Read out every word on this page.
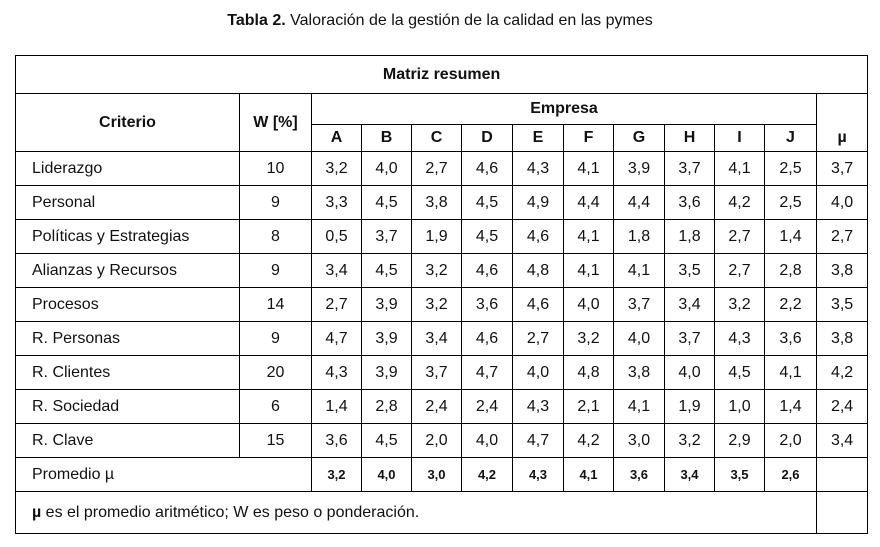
Tabla 2. Valoración de la gestión de la calidad en las pymes
Matriz resumen												
Criterio	W [%]	Empresa										µ
		A	B	C	D	E	F	G	H	I	J	
Liderazgo	10	3,2	4,0	2,7	4,6	4,3	4,1	3,9	3,7	4,1	2,5	3,7
Personal	9	3,3	4,5	3,8	4,5	4,9	4,4	4,4	3,6	4,2	2,5	4,0
Políticas y Estrategias	8	0,5	3,7	1,9	4,5	4,6	4,1	1,8	1,8	2,7	1,4	2,7
Alianzas y Recursos	9	3,4	4,5	3,2	4,6	4,8	4,1	4,1	3,5	2,7	2,8	3,8
Procesos	14	2,7	3,9	3,2	3,6	4,6	4,0	3,7	3,4	3,2	2,2	3,5
R. Personas	9	4,7	3,9	3,4	4,6	2,7	3,2	4,0	3,7	4,3	3,6	3,8
R. Clientes	20	4,3	3,9	3,7	4,7	4,0	4,8	3,8	4,0	4,5	4,1	4,2
R. Sociedad	6	1,4	2,8	2,4	2,4	4,3	2,1	4,1	1,9	1,0	1,4	2,4
R. Clave	15	3,6	4,5	2,0	4,0	4,7	4,2	3,0	3,2	2,9	2,0	3,4
Promedio µ		3,2	4,0	3,0	4,2	4,3	4,1	3,6	3,4	3,5	2,6	
µ es el promedio aritmético; W es peso o ponderación.												
